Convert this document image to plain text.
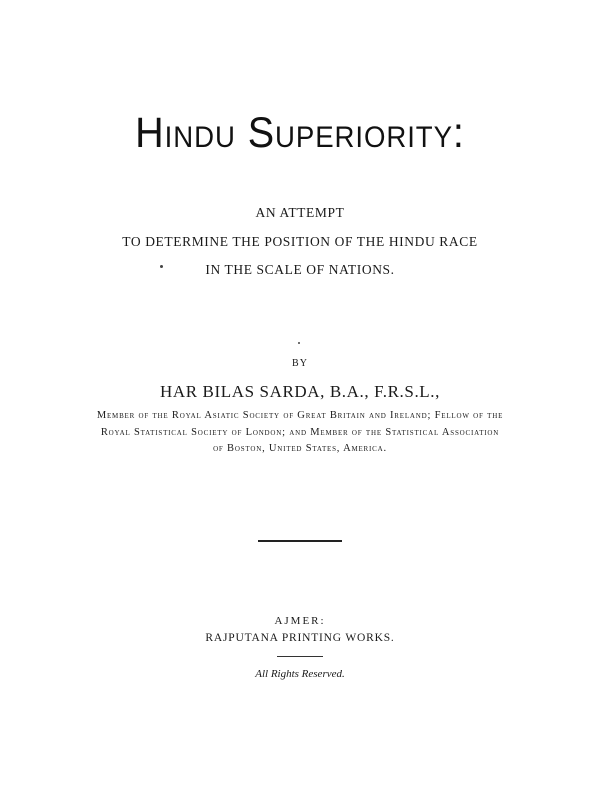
Hindu Superiority:
AN ATTEMPT
TO DETERMINE THE POSITION OF THE HINDU RACE
IN THE SCALE OF NATIONS.
BY
HAR BILAS SARDA, B.A., F.R.S.L.,
Member of the Royal Asiatic Society of Great Britain and Ireland; Fellow of the Royal Statistical Society of London; and Member of the Statistical Association of Boston, United States, America.
AJMER:
RAJPUTANA PRINTING WORKS.
All Rights Reserved.
